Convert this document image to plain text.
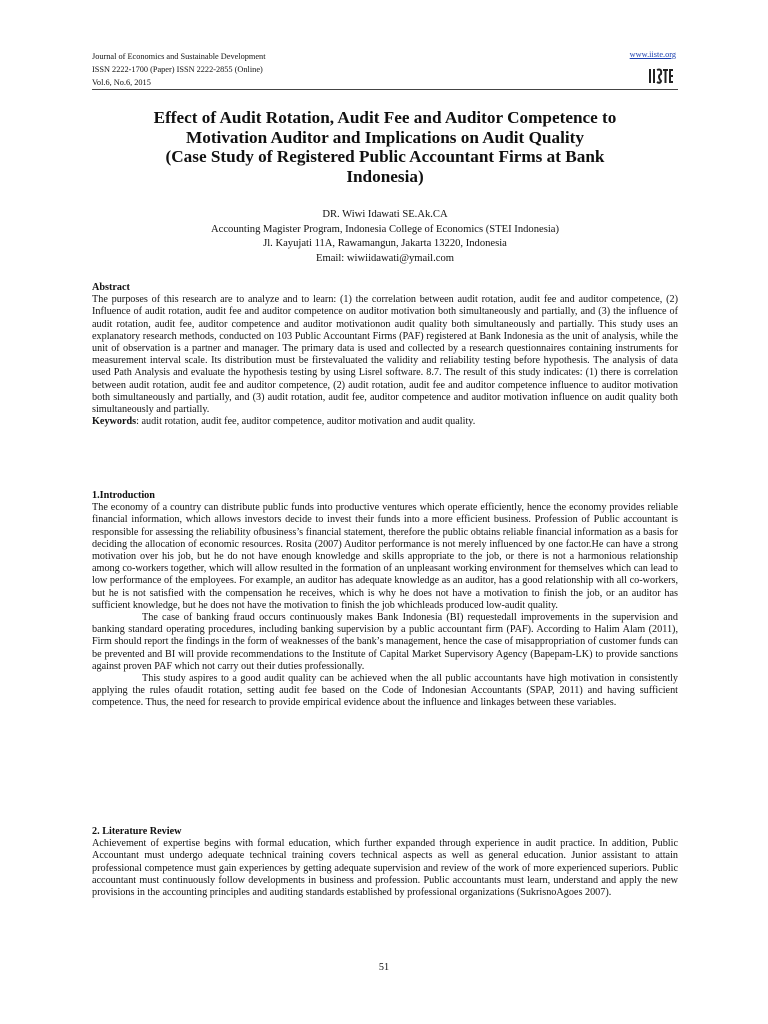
Journal of Economics and Sustainable Development
ISSN 2222-1700 (Paper) ISSN 2222-2855 (Online)
Vol.6, No.6, 2015
www.iiste.org
Effect of Audit Rotation, Audit Fee and Auditor Competence to
Motivation Auditor and Implications on Audit Quality
(Case Study of Registered Public Accountant Firms at Bank
Indonesia)
DR. Wiwi Idawati SE.Ak.CA
Accounting Magister Program, Indonesia College of Economics (STEI Indonesia)
Jl. Kayujati 11A, Rawamangun, Jakarta 13220, Indonesia
Email: wiwiidawati@ymail.com
Abstract

The purposes of this research are to analyze and to learn: (1) the correlation between audit rotation, audit fee and auditor competence, (2) Influence of audit rotation, audit fee and auditor competence on auditor motivation both simultaneously and partially, and (3) the influence of audit rotation, audit fee, auditor competence and auditor motivationon audit quality both simultaneously and partially. This study uses an explanatory research methods, conducted on 103 Public Accountant Firms (PAF) registered at Bank Indonesia as the unit of analysis, while the unit of observation is a partner and manager. The primary data is used and collected by a research questionnaires containing instruments for measurement interval scale. Its distribution must be firstevaluated the validity and reliability testing before hypothesis. The analysis of data used Path Analysis and evaluate the hypothesis testing by using Lisrel software. 8.7. The result of this study indicates: (1) there is correlation between audit rotation, audit fee and auditor competence, (2) audit rotation, audit fee and auditor competence influence to auditor motivation both simultaneously and partially, and (3) audit rotation, audit fee, auditor competence and auditor motivation influence on audit quality both simultaneously and partially.

Keywords: audit rotation, audit fee, auditor competence, auditor motivation and audit quality.

1.Introduction

The economy of a country can distribute public funds into productive ventures which operate efficiently, hence the economy provides reliable financial information, which allows investors decide to invest their funds into a more efficient business. Profession of Public accountant is responsible for assessing the reliability ofbusiness’s financial statement, therefore the public obtains reliable financial information as a basis for deciding the allocation of economic resources. Rosita (2007) Auditor performance is not merely influenced by one factor.He can have a strong motivation over his job, but he do not have enough knowledge and skills appropriate to the job, or there is not a harmonious relationship among co-workers together, which will allow resulted in the formation of an unpleasant working environment for themselves which can lead to low performance of the employees. For example, an auditor has adequate knowledge as an auditor, has a good relationship with all co-workers, but he is not satisfied with the compensation he receives, which is why he does not have a motivation to finish the job, or an auditor has sufficient knowledge, but he does not have the motivation to finish the job whichleads produced low-audit quality.

The case of banking fraud occurs continuously makes Bank Indonesia (BI) requestedall improvements in the supervision and banking standard operating procedures, including banking supervision by a public accountant firm (PAF). According to Halim Alam (2011), Firm should report the findings in the form of weaknesses of the bank’s management, hence the case of misappropriation of customer funds can be prevented and BI will provide recommendations to the Institute of Capital Market Supervisory Agency (Bapepam-LK) to provide sanctions against proven PAF which not carry out their duties professionally.

This study aspires to a good audit quality can be achieved when the all public accountants have high motivation in consistently applying the rules ofaudit rotation, setting audit fee based on the Code of Indonesian Accountants (SPAP, 2011) and having sufficient competence. Thus, the need for research to provide empirical evidence about the influence and linkages between these variables.

2. Literature Review

Achievement of expertise begins with formal education, which further expanded through experience in audit practice. In addition, Public Accountant must undergo adequate technical training covers technical aspects as well as general education. Junior assistant to attain professional competence must gain experiences by getting adequate supervision and review of the work of more experienced superiors. Public accountant must continuously follow developments in business and profession. Public accountants must learn, understand and apply the new provisions in the accounting principles and auditing standards established by professional organizations (SukrisnoAgoes 2007).

51
